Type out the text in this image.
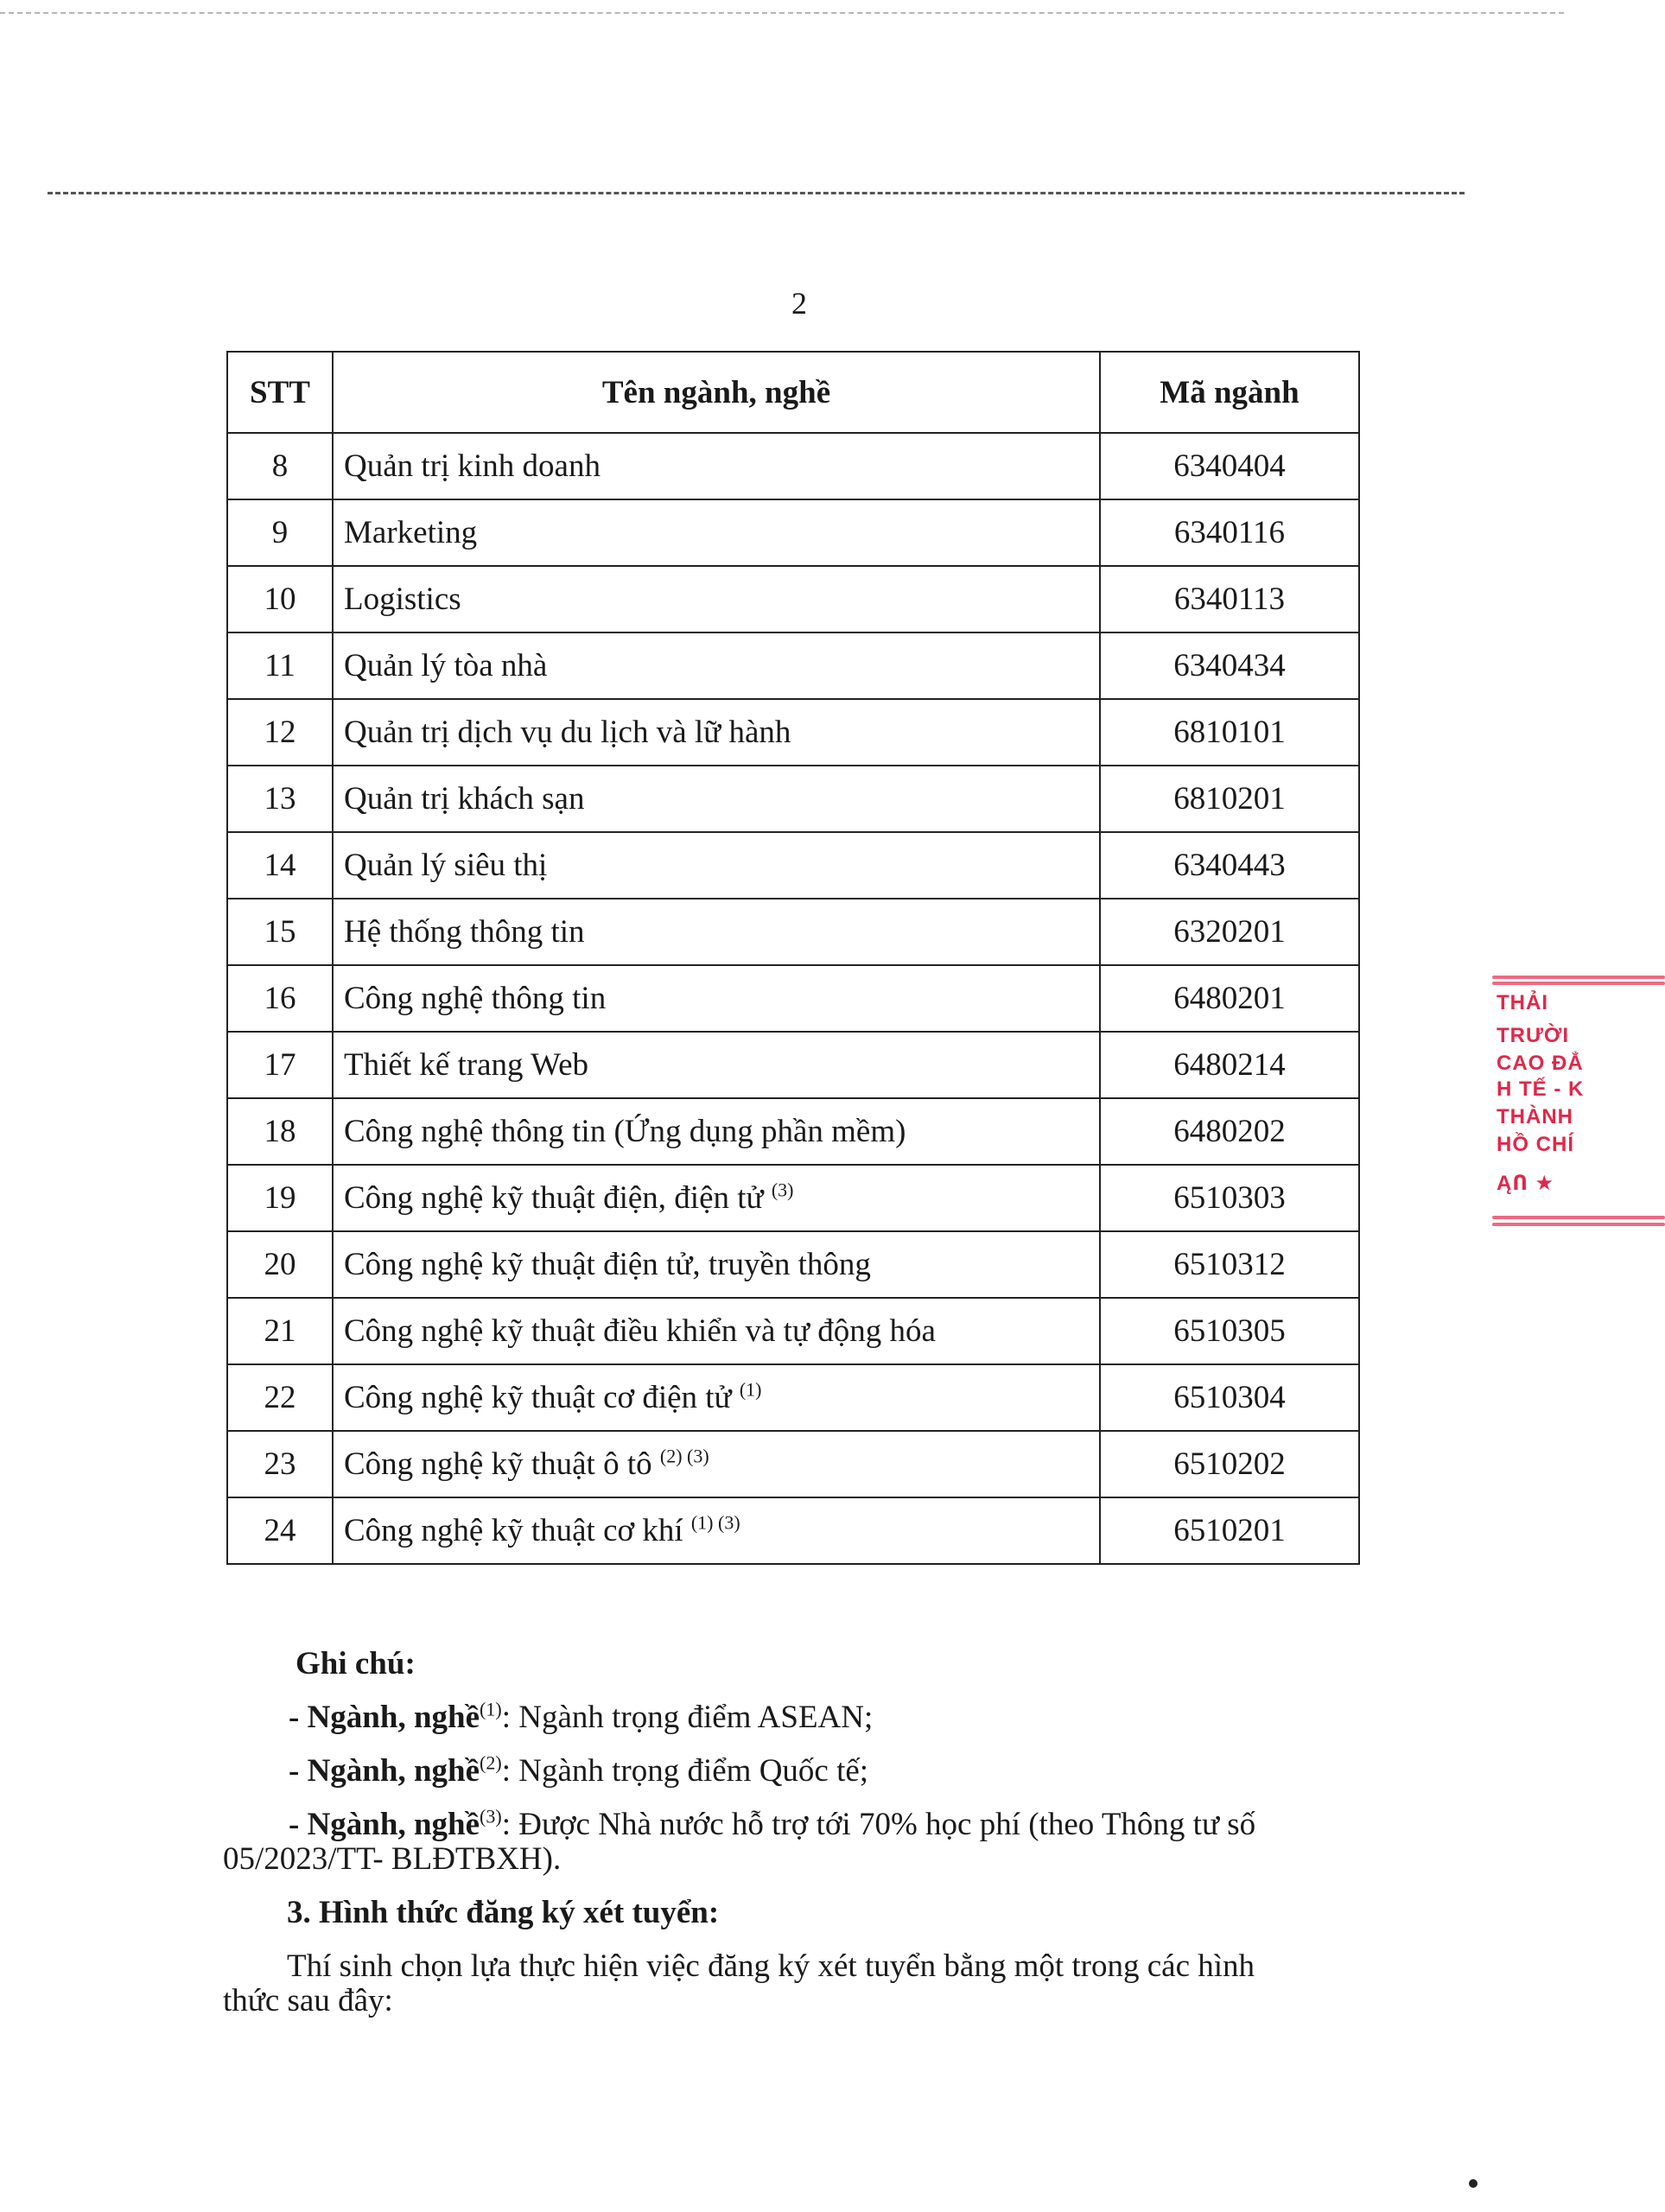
2
STT	Tên ngành, nghề	Mã ngành
8	Quản trị kinh doanh	6340404
9	Marketing	6340116
10	Logistics	6340113
11	Quản lý tòa nhà	6340434
12	Quản trị dịch vụ du lịch và lữ hành	6810101
13	Quản trị khách sạn	6810201
14	Quản lý siêu thị	6340443
15	Hệ thống thông tin	6320201
16	Công nghệ thông tin	6480201
17	Thiết kế trang Web	6480214
18	Công nghệ thông tin (Ứng dụng phần mềm)	6480202
19	Công nghệ kỹ thuật điện, điện tử $^{(3)}$	6510303
20	Công nghệ kỹ thuật điện tử, truyền thông	6510312
21	Công nghệ kỹ thuật điều khiển và tự động hóa	6510305
22	Công nghệ kỹ thuật cơ điện tử $^{(1)}$	6510304
23	Công nghệ kỹ thuật ô tô $^{(2) (3)}$	6510202
24	Công nghệ kỹ thuật cơ khí $^{(1) (3)}$	6510201
Ghi chú:
- Ngành, nghề$^{(1)}$: Ngành trọng điểm ASEAN;
- Ngành, nghề$^{(2)}$: Ngành trọng điểm Quốc tế;
- Ngành, nghề$^{(3)}$: Được Nhà nước hỗ trợ tới 70% học phí (theo Thông tư số
05/2023/TT- BLĐTBXH).
3. Hình thức đăng ký xét tuyển:
Thí sinh chọn lựa thực hiện việc đăng ký xét tuyển bằng một trong các hình
thức sau đây:
THẢI
TRƯỜI
CAO ĐẲ
H TẾ - K
THÀNH
HỒ CHÍ
ĄՈ ★
